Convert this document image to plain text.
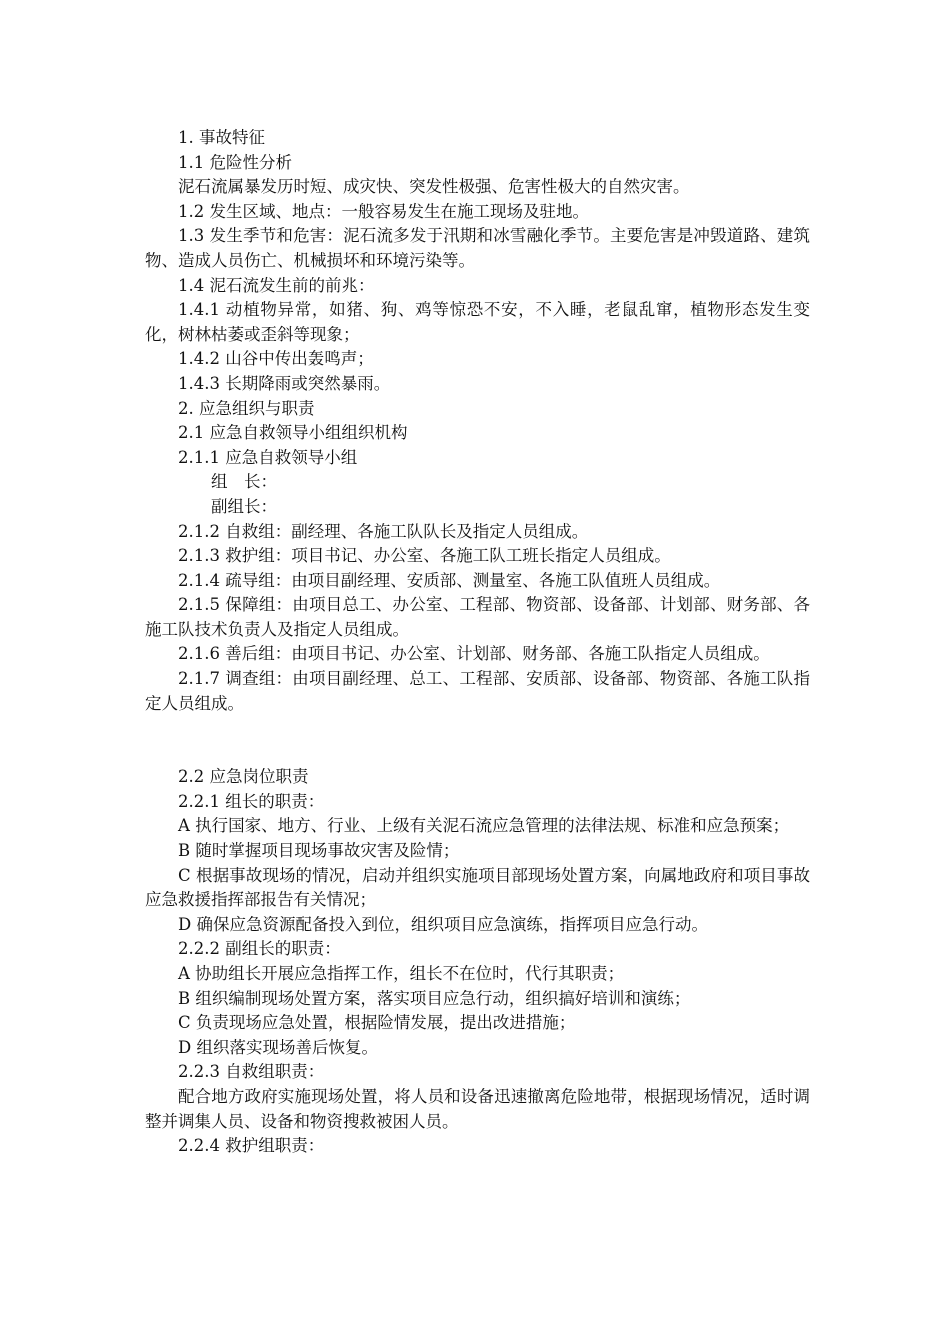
1. 事故特征

1.1 危险性分析

泥石流属暴发历时短、成灾快、突发性极强、危害性极大的自然灾害。

1.2 发生区域、地点：一般容易发生在施工现场及驻地。

1.3 发生季节和危害：泥石流多发于汛期和冰雪融化季节。主要危害是冲毁道路、建筑物、造成人员伤亡、机械损坏和环境污染等。

1.4 泥石流发生前的前兆：

1.4.1 动植物异常，如猪、狗、鸡等惊恐不安，不入睡，老鼠乱窜，植物形态发生变化，树林枯萎或歪斜等现象；

1.4.2 山谷中传出轰鸣声；

1.4.3 长期降雨或突然暴雨。

2. 应急组织与职责

2.1 应急自救领导小组组织机构

2.1.1 应急自救领导小组

组　长：

副组长：

2.1.2 自救组：副经理、各施工队队长及指定人员组成。

2.1.3 救护组：项目书记、办公室、各施工队工班长指定人员组成。

2.1.4 疏导组：由项目副经理、安质部、测量室、各施工队值班人员组成。

2.1.5 保障组：由项目总工、办公室、工程部、物资部、设备部、计划部、财务部、各施工队技术负责人及指定人员组成。

2.1.6 善后组：由项目书记、办公室、计划部、财务部、各施工队指定人员组成。

2.1.7 调查组：由项目副经理、总工、工程部、安质部、设备部、物资部、各施工队指定人员组成。

2.2 应急岗位职责

2.2.1 组长的职责：

A 执行国家、地方、行业、上级有关泥石流应急管理的法律法规、标准和应急预案；

B 随时掌握项目现场事故灾害及险情；

C 根据事故现场的情况，启动并组织实施项目部现场处置方案，向属地政府和项目事故应急救援指挥部报告有关情况；

D 确保应急资源配备投入到位，组织项目应急演练，指挥项目应急行动。

2.2.2 副组长的职责：

A 协助组长开展应急指挥工作，组长不在位时，代行其职责；

B 组织编制现场处置方案，落实项目应急行动，组织搞好培训和演练；

C 负责现场应急处置，根据险情发展，提出改进措施；

D 组织落实现场善后恢复。

2.2.3 自救组职责：

配合地方政府实施现场处置，将人员和设备迅速撤离危险地带，根据现场情况，适时调整并调集人员、设备和物资搜救被困人员。

2.2.4 救护组职责：
